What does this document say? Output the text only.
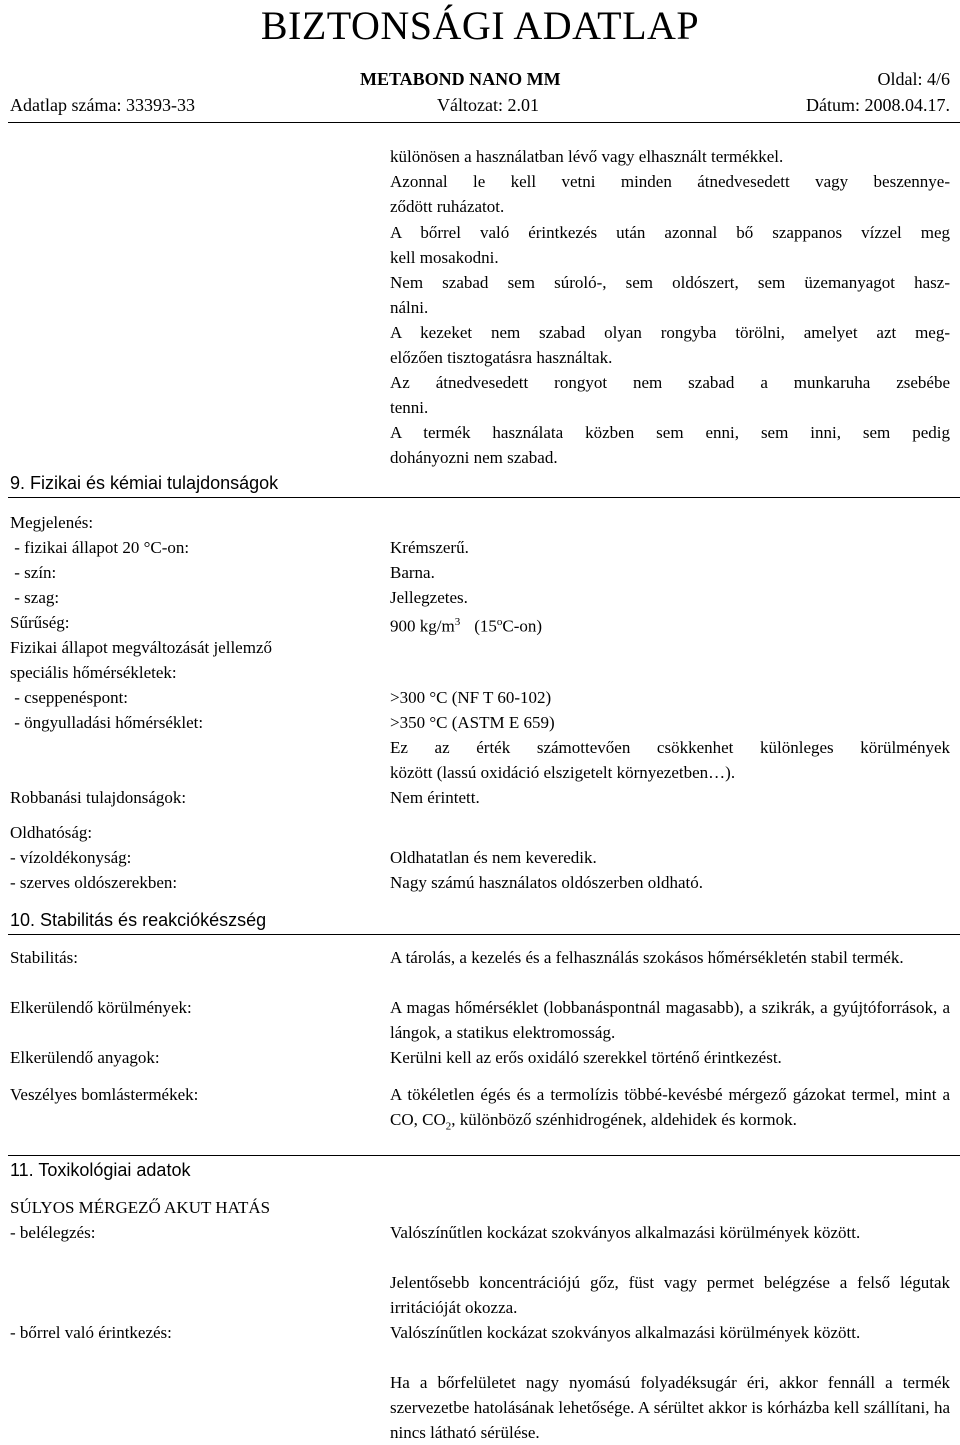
BIZTONSÁGI ADATLAP
METABOND NANO MM	Oldal: 4/6
Adatlap száma: 33393-33	Változat: 2.01	Dátum: 2008.04.17.
különösen a használatban lévő vagy elhasznált termékkel.
Azonnal le kell vetni minden átnedvesedett vagy beszennye-
ződött ruházatot.
A bőrrel való érintkezés után azonnal bő szappanos vízzel meg
kell mosakodni.
Nem szabad sem súroló-, sem oldószert, sem üzemanyagot hasz-
nálni.
A kezeket nem szabad olyan rongyba törölni, amelyet azt meg-
előzően tisztogatásra használtak.
Az átnedvesedett rongyot nem szabad a munkaruha zsebébe
tenni.
A termék használata közben sem enni, sem inni, sem pedig
dohányozni nem szabad.
9. Fizikai és kémiai tulajdonságok
Megjelenés:
- fizikai állapot 20 °C-on:	Krémszerű.
- szín:	Barna.
- szag:	Jellegzetes.
Sűrűség:	900 $kg/m^3$ (15$^o$C-on)
Fizikai állapot megváltozását jellemző
speciális hőmérsékletek:
- cseppenéspont:	>300 °C (NF T 60-102)
- öngyulladási hőmérséklet:	>350 °C (ASTM E 659)
Ez az érték számottevően csökkenhet különleges körülmények
között (lassú oxidáció elszigetelt környezetben…).
Robbanási tulajdonságok:	Nem érintett.
Oldhatóság:
- vízoldékonyság:	Oldhatatlan és nem keveredik.
- szerves oldószerekben:	Nagy számú használatos oldószerben oldható.
10. Stabilitás és reakciókészség
Stabilitás:	A tárolás, a kezelés és a felhasználás szokásos hőmérsékletén stabil termék.
Elkerülendő körülmények:	A magas hőmérséklet (lobbanáspontnál magasabb), a szikrák, a gyújtóforrások, a lángok, a statikus elektromosság.
Elkerülendő anyagok:	Kerülni kell az erős oxidáló szerekkel történő érintkezést.
Veszélyes bomlástermékek:	A tökéletlen égés és a termolízis többé-kevésbé mérgező gázokat termel, mint a CO, $CO_2$, különböző szénhidrogének, aldehidek és kormok.
11. Toxikológiai adatok
SÚLYOS MÉRGEZŐ AKUT HATÁS
- belélegzés:	Valószínűtlen kockázat szokványos alkalmazási körülmények között.
Jelentősebb koncentrációjú gőz, füst vagy permet belégzése a felső légutak irritációját okozza.
- bőrrel való érintkezés:	Valószínűtlen kockázat szokványos alkalmazási körülmények között.
Ha a bőrfelületet nagy nyomású folyadéksugár éri, akkor fennáll a termék szervezetbe hatolásának lehetősége. A sérültet akkor is kórházba kell szállítani, ha nincs látható sérülése.
